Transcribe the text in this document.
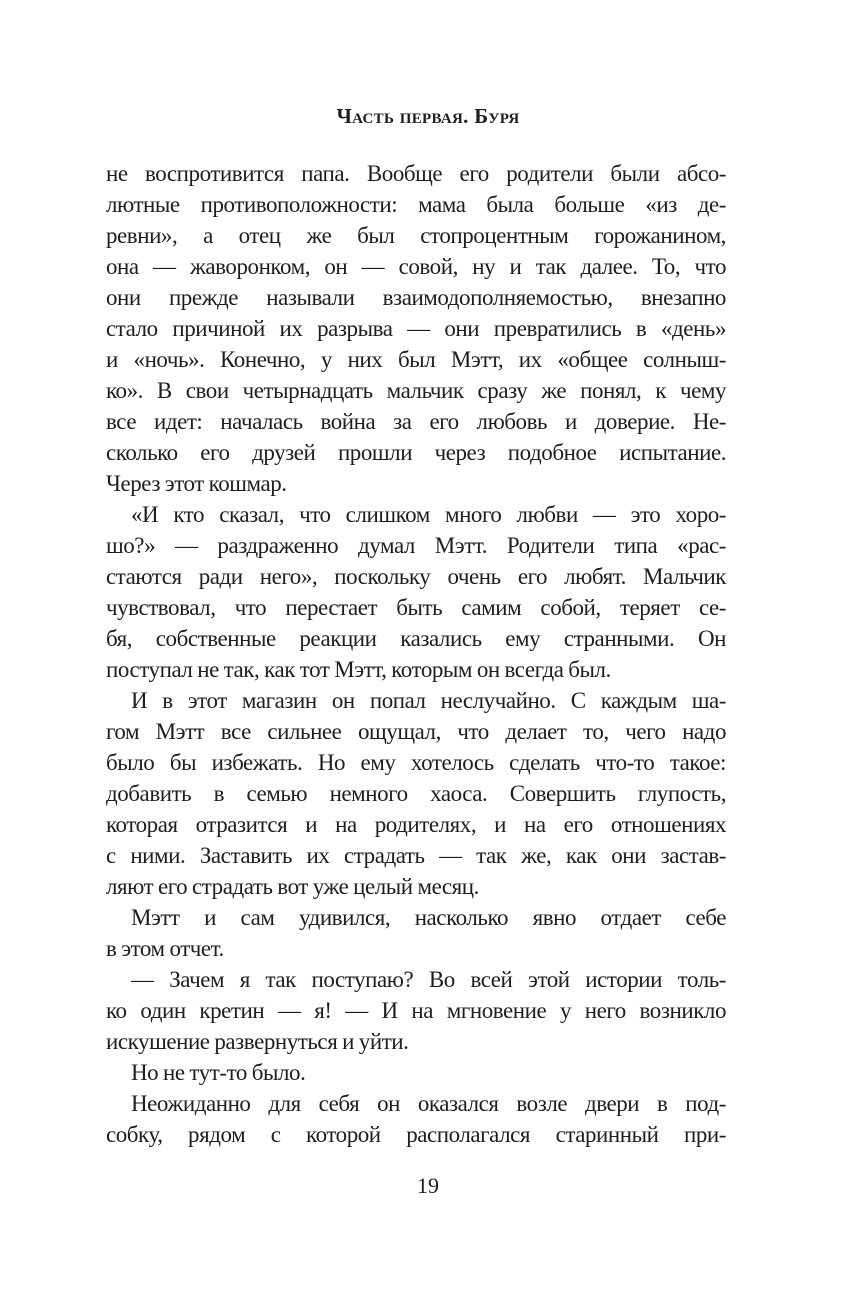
Часть первая. Буря
не воспротивится папа. Вообще его родители были абсо-
лютные противоположности: мама была больше «из де-
ревни», а отец же был стопроцентным горожанином,
она — жаворонком, он — совой, ну и так далее. То, что
они прежде называли взаимодополняемостью, внезапно
стало причиной их разрыва — они превратились в «день»
и «ночь». Конечно, у них был Мэтт, их «общее солныш-
ко». В свои четырнадцать мальчик сразу же понял, к чему
все идет: началась война за его любовь и доверие. Не-
сколько его друзей прошли через подобное испытание.
Через этот кошмар.
«И кто сказал, что слишком много любви — это хоро-
шо?» — раздраженно думал Мэтт. Родители типа «рас-
стаются ради него», поскольку очень его любят. Мальчик
чувствовал, что перестает быть самим собой, теряет се-
бя, собственные реакции казались ему странными. Он
поступал не так, как тот Мэтт, которым он всегда был.
И в этот магазин он попал неслучайно. С каждым ша-
гом Мэтт все сильнее ощущал, что делает то, чего надо
было бы избежать. Но ему хотелось сделать что-то такое:
добавить в семью немного хаоса. Совершить глупость,
которая отразится и на родителях, и на его отношениях
с ними. Заставить их страдать — так же, как они застав-
ляют его страдать вот уже целый месяц.
Мэтт и сам удивился, насколько явно отдает себе
в этом отчет.
— Зачем я так поступаю? Во всей этой истории толь-
ко один кретин — я! — И на мгновение у него возникло
искушение развернуться и уйти.
Но не тут-то было.
Неожиданно для себя он оказался возле двери в под-
собку, рядом с которой располагался старинный при-
19
